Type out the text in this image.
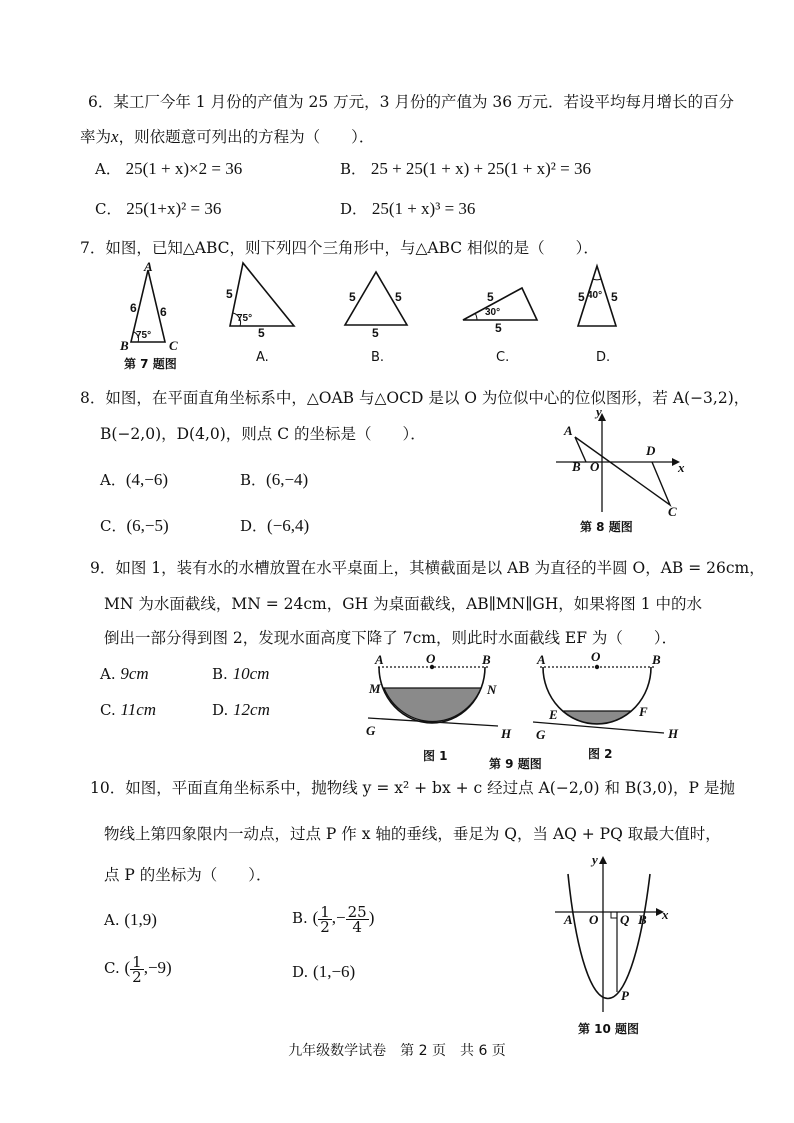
6．某工厂今年 1 月份的产值为 25 万元，3 月份的产值为 36 万元．若设平均每月增长的百分
率为x，则依题意可列出的方程为（　　）．
A． 25(1 + x)×2 = 36	B． 25 + 25(1 + x) + 25(1 + x)² = 36
C． 25(1+x)² = 36	D． 25(1 + x)³ = 36
7．如图，已知△ABC，则下列四个三角形中，与△ABC 相似的是（　　）．
A
B	C
6 6
75°
第 7 题图
5
5
75°
A.
5	5
5
B.
5
5
30°
C.
5 5
40°
D.
8．如图，在平面直角坐标系中，△OAB 与△OCD 是以 O 为位似中心的位似图形，若 A(−3,2)，
B(−2,0)，D(4,0)，则点 C 的坐标是（　　）．
A．(4,−6)	B．(6,−4)
C．(6,−5)	D．(−6,4)
y
x
A
B O
D
C
第 8 题图
9．如图 1，装有水的水槽放置在水平桌面上，其横截面是以 AB 为直径的半圆 O，AB = 26cm，
MN 为水面截线，MN = 24cm，GH 为桌面截线，AB∥MN∥GH，如果将图 1 中的水
倒出一部分得到图 2，发现水面高度下降了 7cm，则此时水面截线 EF 为（　　）．
A. 9cm	B. 10cm
C. 11cm	D. 12cm
A	O	B
M	N
G	H
图 1
A	O	B
E	F
G	H
图 2
第 9 题图
10．如图，平面直角坐标系中，抛物线 y = x² + bx + c 经过点 A(−2,0) 和 B(3,0)，P 是抛
物线上第四象限内一动点，过点 P 作 x 轴的垂线，垂足为 Q，当 AQ + PQ 取最大值时，
点 P 的坐标为（　　）．
A. (1,9)	B. ( $\frac{1}{2}$ ,− $\frac{25}{4}$ )
C. ( $\frac{1}{2} ,-9$)	D. (1,−6)
y
x
A O Q B
P
第 10 题图
九年级数学试卷　第 2 页　共 6 页
